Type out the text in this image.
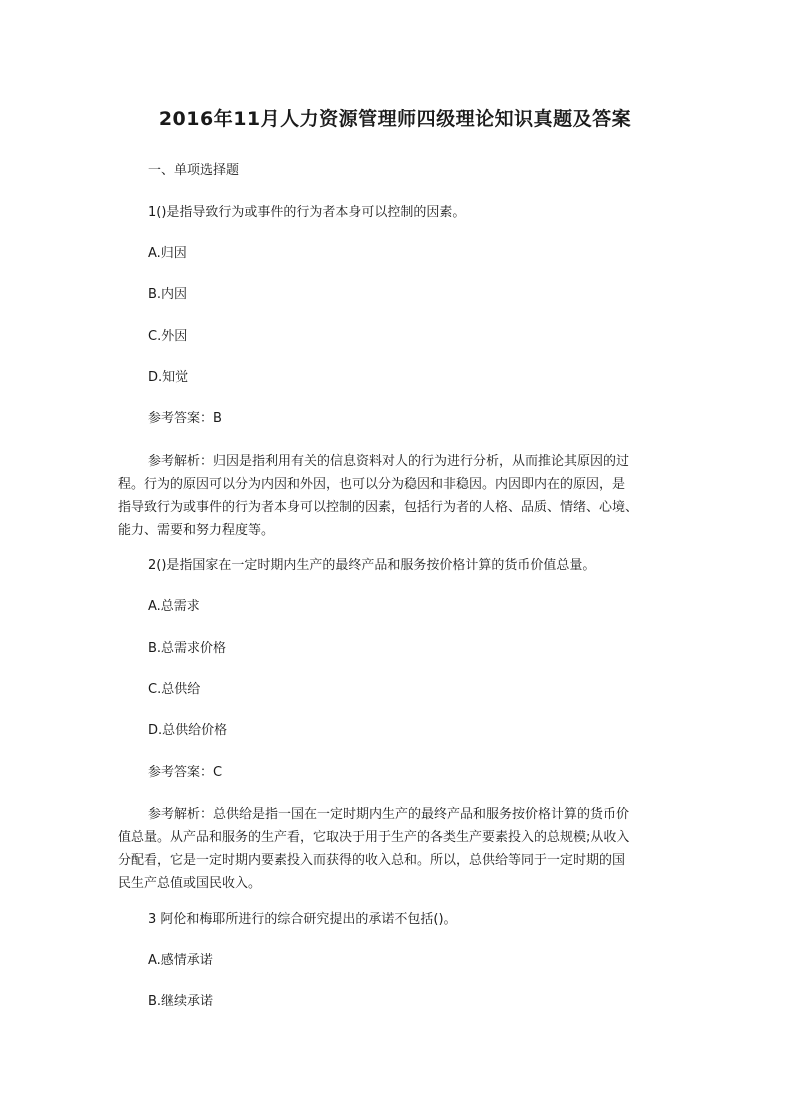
2016年11月人力资源管理师四级理论知识真题及答案

一、单项选择题

1()是指导致行为或事件的行为者本身可以控制的因素。

A.归因

B.内因

C.外因

D.知觉

参考答案：B

参考解析：归因是指利用有关的信息资料对人的行为进行分析，从而推论其原因的过
程。行为的原因可以分为内因和外因，也可以分为稳因和非稳因。内因即内在的原因，是
指导致行为或事件的行为者本身可以控制的因素，包括行为者的人格、品质、情绪、心境、
能力、需要和努力程度等。

2()是指国家在一定时期内生产的最终产品和服务按价格计算的货币价值总量。

A.总需求

B.总需求价格

C.总供给

D.总供给价格

参考答案：C

参考解析：总供给是指一国在一定时期内生产的最终产品和服务按价格计算的货币价
值总量。从产品和服务的生产看，它取决于用于生产的各类生产要素投入的总规模;从收入
分配看，它是一定时期内要素投入而获得的收入总和。所以，总供给等同于一定时期的国
民生产总值或国民收入。

3 阿伦和梅耶所进行的综合研究提出的承诺不包括()。

A.感情承诺

B.继续承诺
